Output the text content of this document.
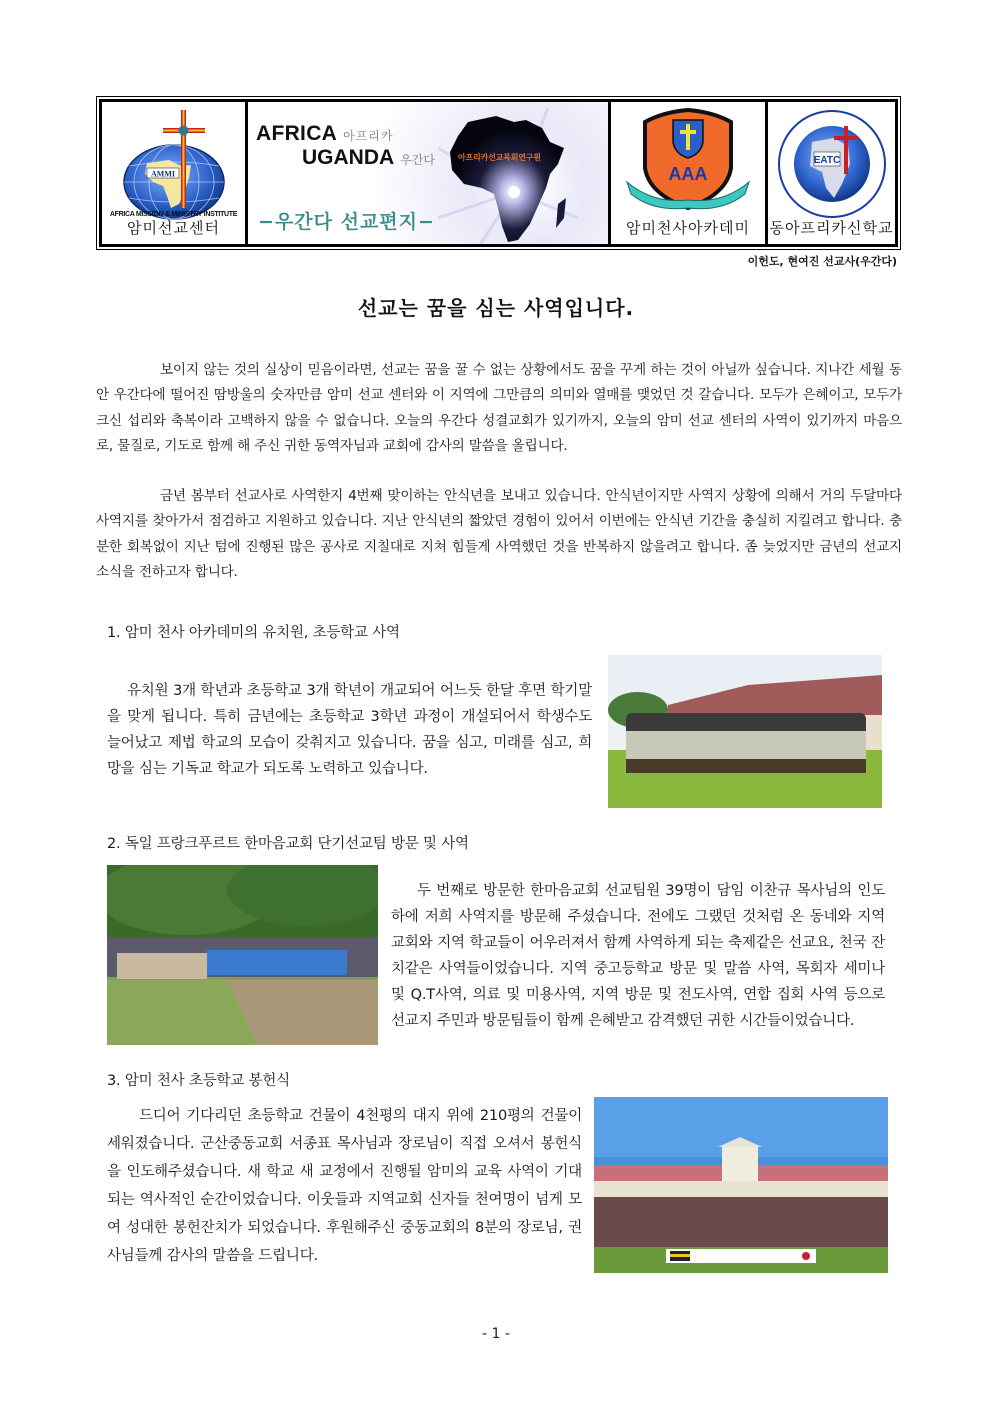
AMMI
AFRICA MISSION & MINISTRY INSTITUTE
암미선교센터
아프리카선교목회연구원
AFRICA 아프리카
UGANDA 우간다
−우간다 선교편지−
AAA
암미천사아카데미
EATC
동아프리카신학교
이헌도, 현여진 선교사(우간다)
선교는 꿈을 심는 사역입니다.

보이지 않는 것의 실상이 믿음이라면, 선교는 꿈을 꿀 수 없는 상황에서도 꿈을 꾸게 하는 것이 아닐까 싶습니다. 지나간 세월 동안 우간다에 떨어진 땀방울의 숫자만큼 암미 선교 센터와 이 지역에 그만큼의 의미와 열매를 맺었던 것 갈습니다. 모두가 은혜이고, 모두가 크신 섭리와 축복이라 고백하지 않을 수 없습니다. 오늘의 우간다 성결교회가 있기까지, 오늘의 암미 선교 센터의 사역이 있기까지 마음으로, 물질로, 기도로 함께 해 주신 귀한 동역자님과 교회에 감사의 말씀을 올립니다.

금년 봄부터 선교사로 사역한지 4번째 맞이하는 안식년을 보내고 있습니다. 안식년이지만 사역지 상황에 의해서 거의 두달마다 사역지를 찾아가서 점검하고 지원하고 있습니다. 지난 안식년의 짧았던 경험이 있어서 이번에는 안식년 기간을 충실히 지킬려고 합니다. 충분한 회복없이 지난 텀에 진행된 많은 공사로 지칠대로 지쳐 힘들게 사역했던 것을 반복하지 않을려고 합니다. 좀 늦었지만 금년의 선교지 소식을 전하고자 합니다.

1. 암미 천사 아카데미의 유치원, 초등학교 사역

유치원 3개 학년과 초등학교 3개 학년이 개교되어 어느듯 한달 후면 학기말을 맞게 됩니다. 특히 금년에는 초등학교 3학년 과정이 개설되어서 학생수도 늘어났고 제법 학교의 모습이 갖춰지고 있습니다. 꿈을 심고, 미래를 심고, 희망을 심는 기독교 학교가 되도록 노력하고 있습니다.

2. 독일 프랑크푸르트 한마음교회 단기선교팀 방문 및 사역

두 번째로 방문한 한마음교회 선교팀원 39명이 담임 이찬규 목사님의 인도하에 저희 사역지를 방문해 주셨습니다. 전에도 그랬던 것처럼 온 동네와 지역 교회와 지역 학교들이 어우러져서 함께 사역하게 되는 축제같은 선교요, 천국 잔치같은 사역들이었습니다. 지역 중고등학교 방문 및 말씀 사역, 목회자 세미나 및 Q.T사역, 의료 및 미용사역, 지역 방문 및 전도사역, 연합 집회 사역 등으로 선교지 주민과 방문팀들이 함께 은혜받고 감격했던 귀한 시간들이었습니다.

3. 암미 천사 초등학교 봉헌식

드디어 기다리던 초등학교 건물이 4천평의 대지 위에 210평의 건물이 세워졌습니다. 군산중동교회 서종표 목사님과 장로님이 직접 오셔서 봉헌식을 인도해주셨습니다. 새 학교 새 교정에서 진행될 암미의 교육 사역이 기대되는 역사적인 순간이었습니다. 이웃들과 지역교회 신자들 천여명이 넘게 모여 성대한 봉헌잔치가 되었습니다. 후원해주신 중동교회의 8분의 장로님, 권사님들께 감사의 말씀을 드립니다.

- 1 -
